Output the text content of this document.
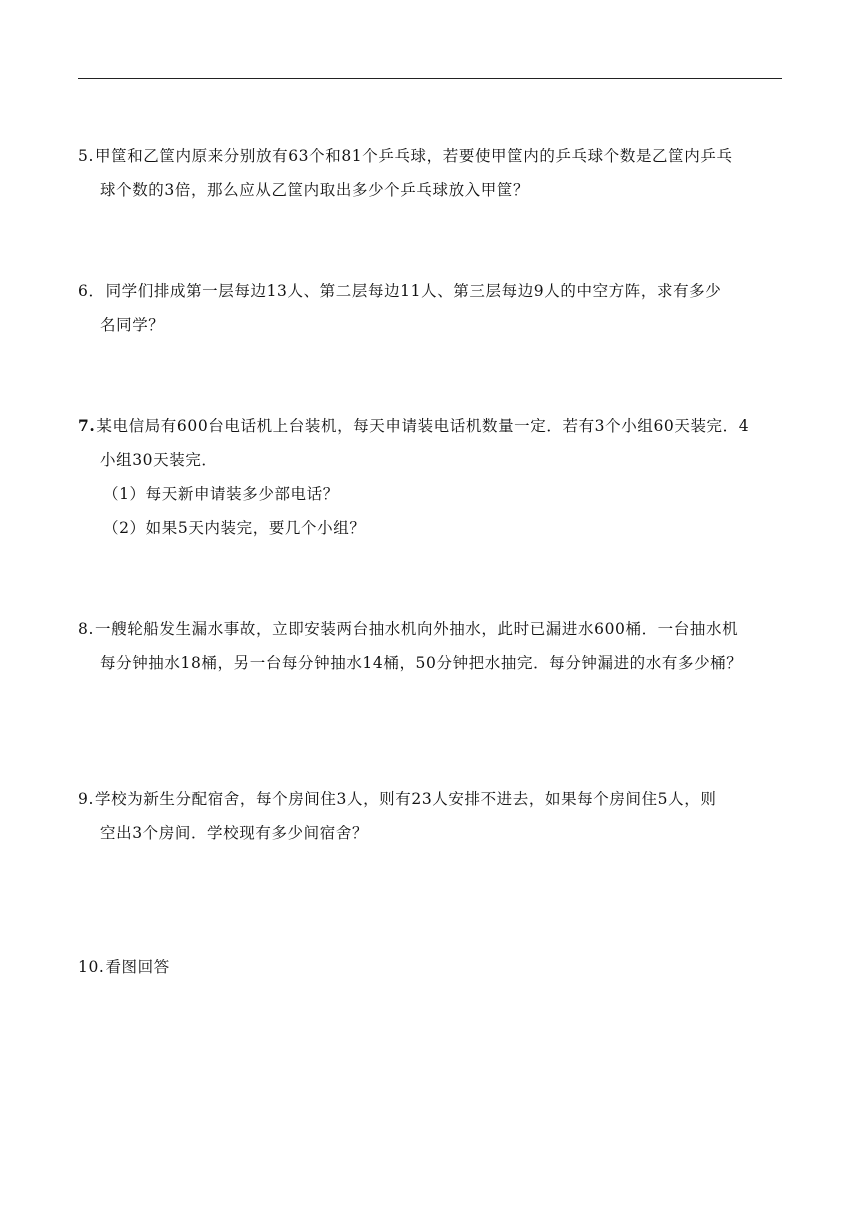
5.甲筐和乙筐内原来分别放有63个和81个乒乓球，若要使甲筐内的乒乓球个数是乙筐内乒乓
球个数的3倍，那么应从乙筐内取出多少个乒乓球放入甲筐？
6．同学们排成第一层每边13人、第二层每边11人、第三层每边9人的中空方阵，求有多少
名同学？
7.某电信局有600台电话机上台装机，每天申请装电话机数量一定．若有3个小组60天装完．4
小组30天装完．
（1）每天新申请装多少部电话？
（2）如果5天内装完，要几个小组？
8.一艘轮船发生漏水事故，立即安装两台抽水机向外抽水，此时已漏进水600桶．一台抽水机
每分钟抽水18桶，另一台每分钟抽水14桶，50分钟把水抽完．每分钟漏进的水有多少桶？
9.学校为新生分配宿舍，每个房间住3人，则有23人安排不进去，如果每个房间住5人，则
空出3个房间．学校现有多少间宿舍？
10.看图回答
